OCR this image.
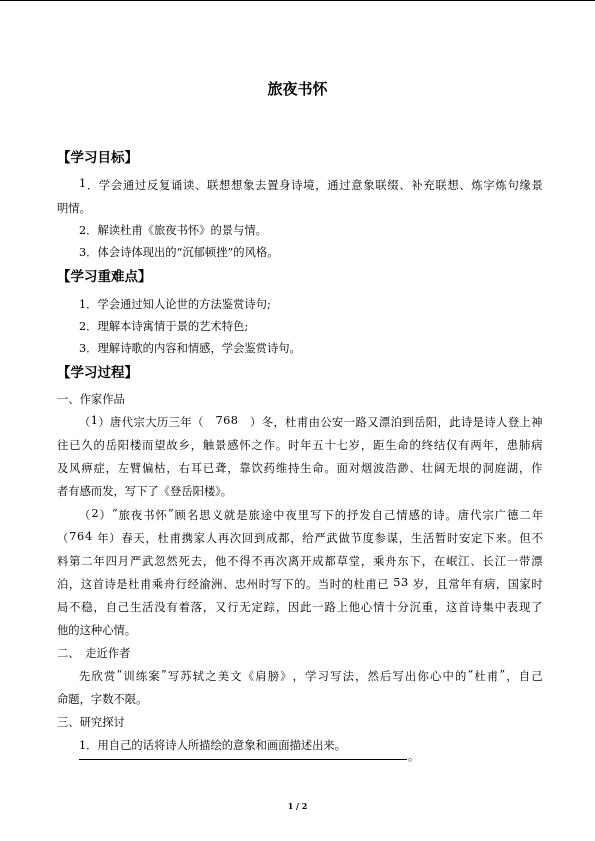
旅夜书怀
【学习目标】
1 ． 学 会 通 过 反 复 诵 读 、 联 想 想 象 去 置 身 诗 境 ， 通 过 意 象 联 缀 、 补 充 联 想 、 炼 字 炼 句 缘 景
明情。
2．解读杜甫《旅夜书怀》的景与情。
3．体会诗体现出的“沉郁顿挫”的风格。
【学习重难点】
1．学会通过知人论世的方法鉴赏诗句;
2．理解本诗寓情于景的艺术特色;
3．理解诗歌的内容和情感，学会鉴赏诗句。
【学习过程】
一、作家作品
（ 1 ） 唐 代 宗 大 历 三 年 （
　 7 6 8
　 ） 冬 ， 杜 甫 由 公 安 一 路 又 漂 泊 到 岳 阳 ， 此 诗 是 诗 人 登 上 神
往 已 久 的 岳 阳 楼 而 望 故 乡 ， 触 景 感 怀 之 作 。 时 年 五 十 七 岁 ， 距 生 命 的 终 结 仅 有 两 年 ， 患 肺 病
及 风 痹 症 ， 左 臂 偏 枯 ， 右 耳 已 聋 ， 靠 饮 药 维 持 生 命 。 面 对 烟 波 浩 渺 、 壮 阔 无 垠 的 洞 庭 湖 ， 作
者有感而发，写下了《登岳阳楼》。
（ 2 ） “ 旅 夜 书 怀 ” 顾 名 思 义 就 是 旅 途 中 夜 里 写 下 的 抒 发 自 己 情 感 的 诗 。 唐 代 宗 广 德 二 年
（ 7 6 4
年 ） 春 天 ， 杜 甫 携 家 人 再 次 回 到 成 都 ， 给 严 武 做 节 度 参 谋 ， 生 活 暂 时 安 定 下 来 。 但 不
料 第 二 年 四 月 严 武 忽 然 死 去 ， 他 不 得 不 再 次 离 开 成 都 草 堂 ， 乘 舟 东 下 ， 在 岷 江 、 长 江 一 带 漂
泊 ， 这 首 诗 是 杜 甫 乘 舟 行 经 渝 洲 、 忠 州 时 写 下 的 。 当 时 的 杜 甫 已
5 3
岁 ， 且 常 年 有 病 ， 国 家 时
局 不 稳 ， 自 己 生 活 没 有 着 落 ， 又 行 无 定 踪 ， 因 此 一 路 上 他 心 情 十 分 沉 重 ， 这 首 诗 集 中 表 现 了
他的这种心情。
二、　走近作者
先 欣 赏 “ 训 练 案 ” 写 苏 轼 之 美 文 《 肩 膀 》 ， 学 习 写 法 ， 然 后 写 出 你 心 中 的 “ 杜 甫 ” ， 自 己
命题，字数不限。
三、研究探讨
1．用自己的话将诗人所描绘的意象和画面描述出来。
。
1 / 2
